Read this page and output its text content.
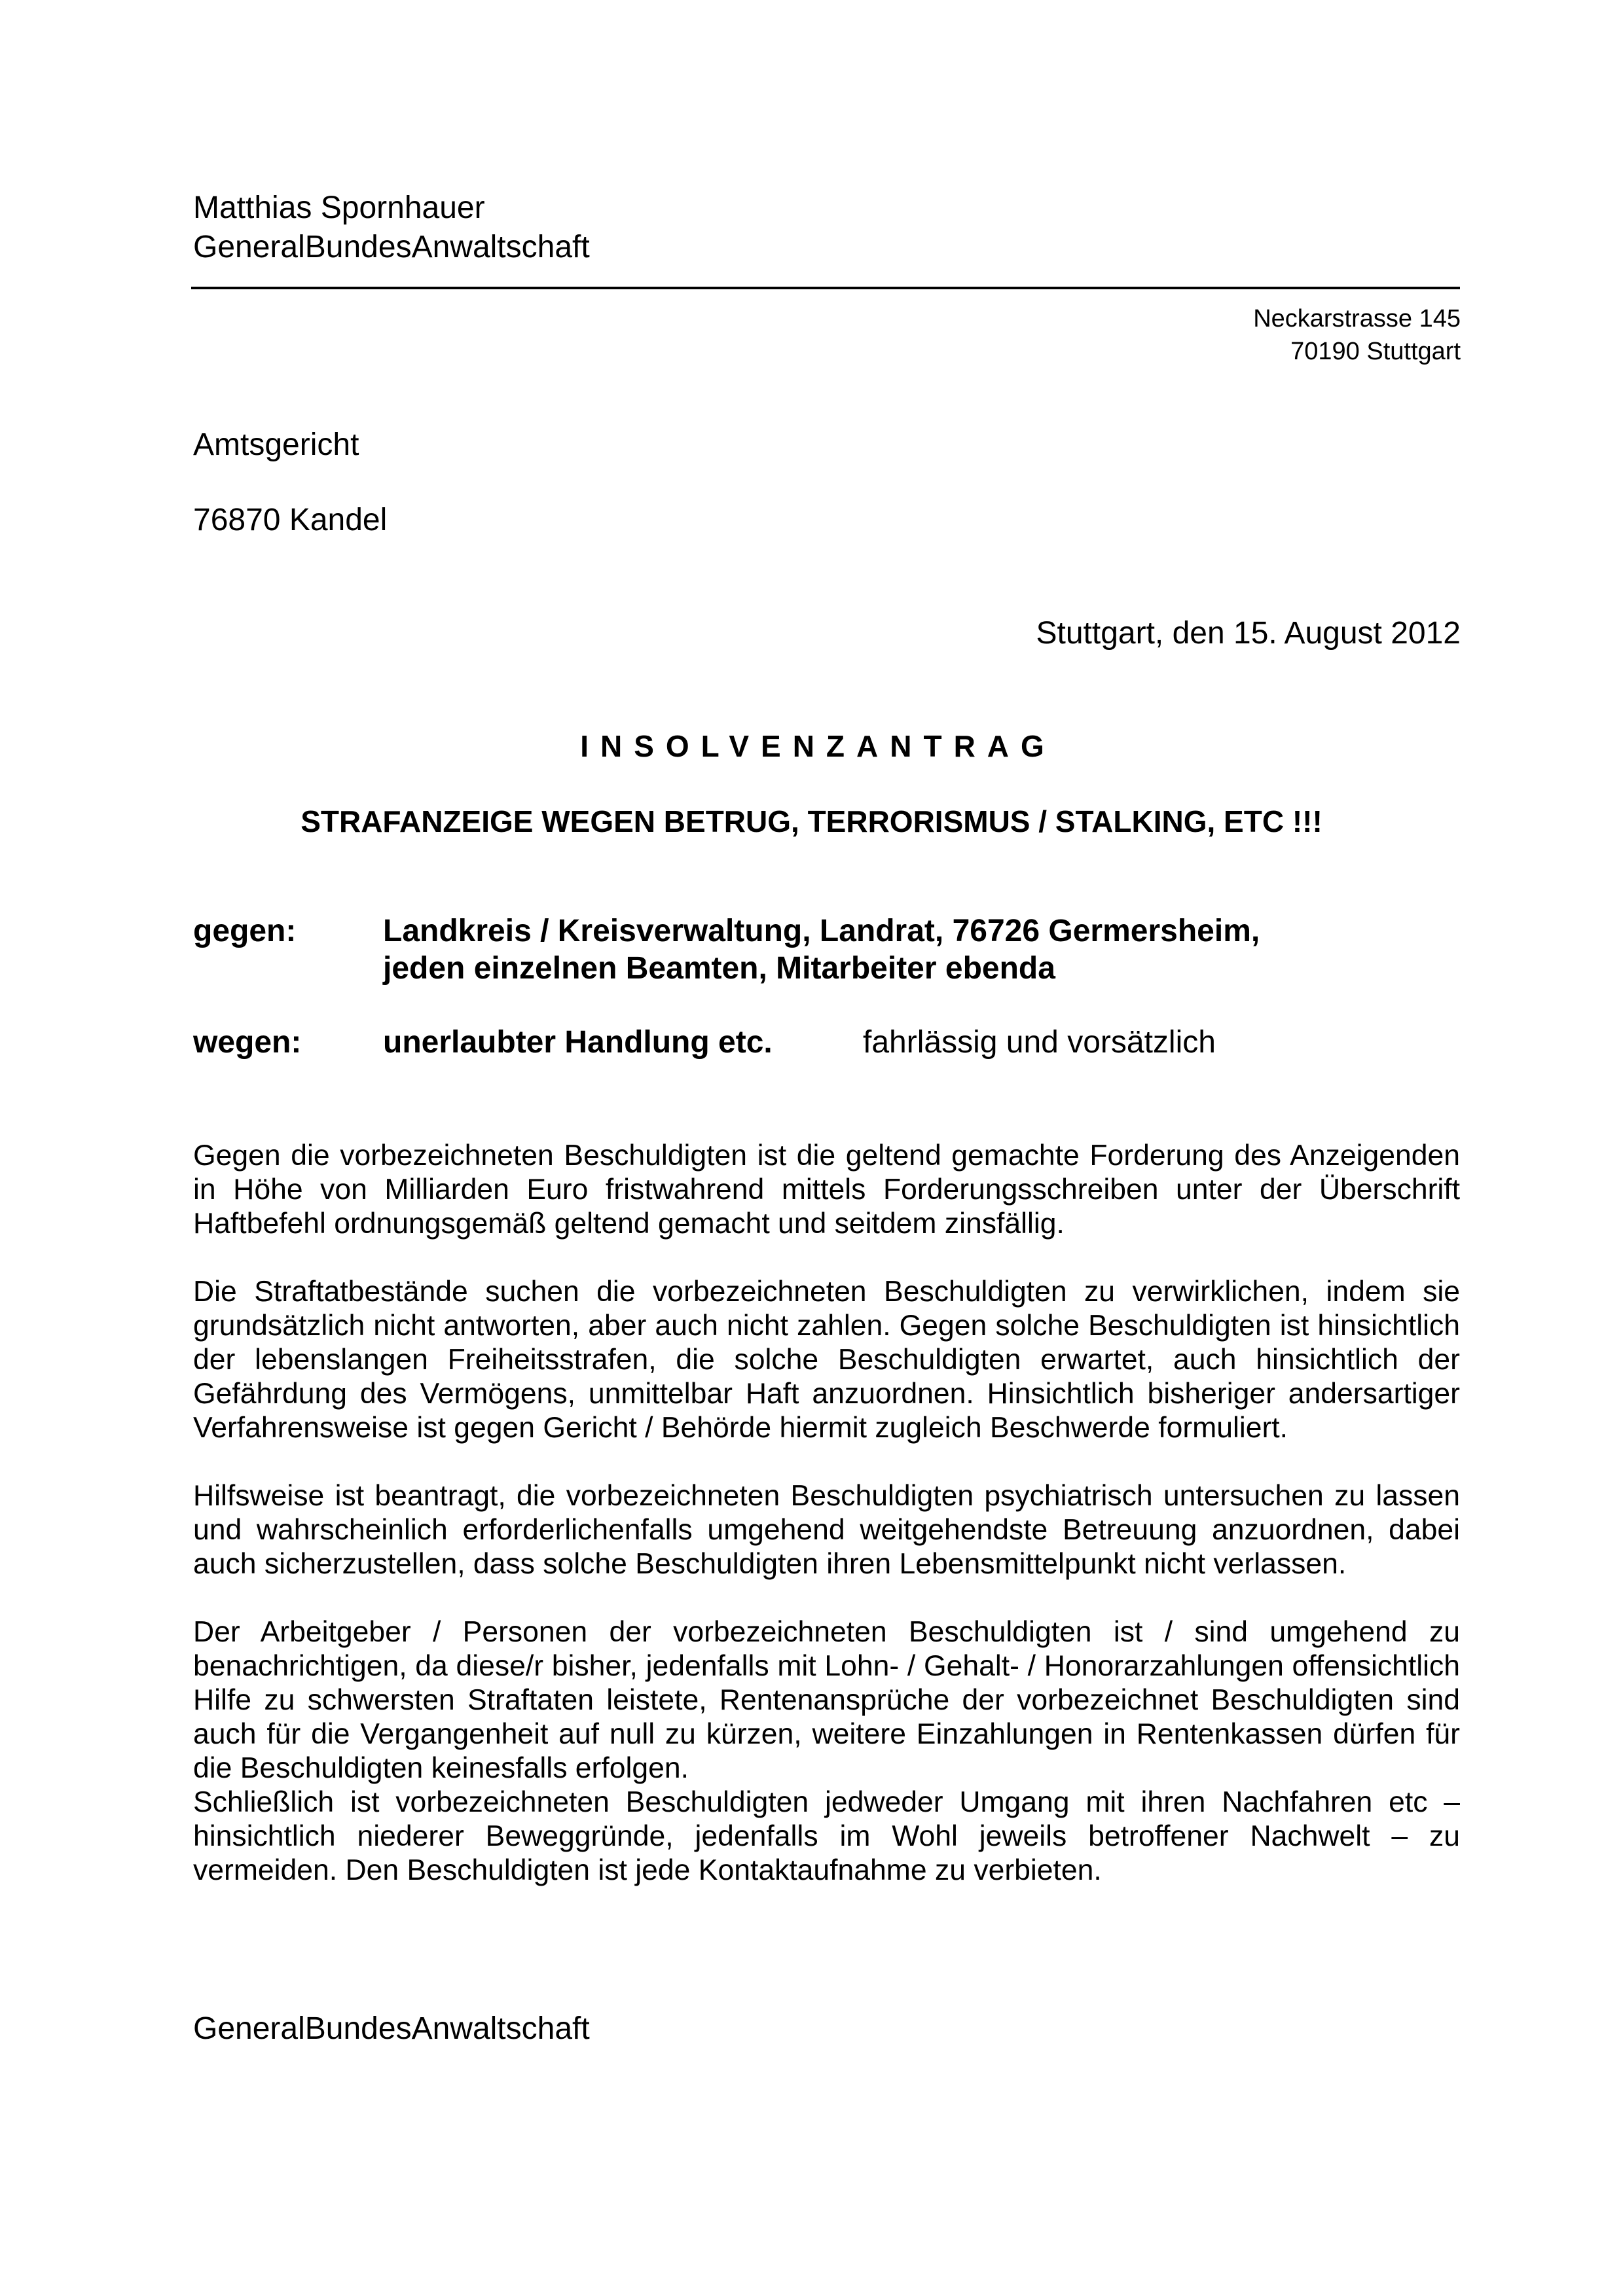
Matthias Spornhauer
GeneralBundesAnwaltschaft
Neckarstrasse 145
70190 Stuttgart
Amtsgericht
76870 Kandel
Stuttgart, den 15. August 2012
INSOLVENZANTRAG
STRAFANZEIGE WEGEN BETRUG, TERRORISMUS / STALKING, ETC !!!
gegen:	Landkreis / Kreisverwaltung, Landrat, 76726 Germersheim,
jeden einzelnen Beamten, Mitarbeiter ebenda
wegen:	unerlaubter Handlung etc.	fahrlässig und vorsätzlich

Gegen die vorbezeichneten Beschuldigten ist die geltend gemachte Forderung des Anzeigenden in Höhe von Milliarden Euro fristwahrend mittels Forderungsschreiben unter der Überschrift Haftbefehl ordnungsgemäß geltend gemacht und seitdem zinsfällig.

Die Straftatbestände suchen die vorbezeichneten Beschuldigten zu verwirklichen, indem sie grundsätzlich nicht antworten, aber auch nicht zahlen. Gegen solche Beschuldigten ist hinsichtlich der lebenslangen Freiheitsstrafen, die solche Beschuldigten erwartet, auch hinsichtlich der Gefährdung des Vermögens, unmittelbar Haft anzuordnen. Hinsichtlich bisheriger andersartiger Verfahrensweise ist gegen Gericht / Behörde hiermit zugleich Beschwerde formuliert.

Hilfsweise ist beantragt, die vorbezeichneten Beschuldigten psychiatrisch untersuchen zu lassen und wahrscheinlich erforderlichenfalls umgehend weitgehendste Betreuung anzuordnen, dabei auch sicherzustellen, dass solche Beschuldigten ihren Lebensmittelpunkt nicht verlassen.

Der Arbeitgeber / Personen der vorbezeichneten Beschuldigten ist / sind umgehend zu benachrichtigen, da diese/r bisher, jedenfalls mit Lohn- / Gehalt- / Honorarzahlungen offensichtlich Hilfe zu schwersten Straftaten leistete, Rentenansprüche der vorbezeichnet Beschuldigten sind auch für die Vergangenheit auf null zu kürzen, weitere Einzahlungen in Rentenkassen dürfen für die Beschuldigten keinesfalls erfolgen.

Schließlich ist vorbezeichneten Beschuldigten jedweder Umgang mit ihren Nachfahren etc – hinsichtlich niederer Beweggründe, jedenfalls im Wohl jeweils betroffener Nachwelt – zu vermeiden. Den Beschuldigten ist jede Kontaktaufnahme zu verbieten.

GeneralBundesAnwaltschaft
